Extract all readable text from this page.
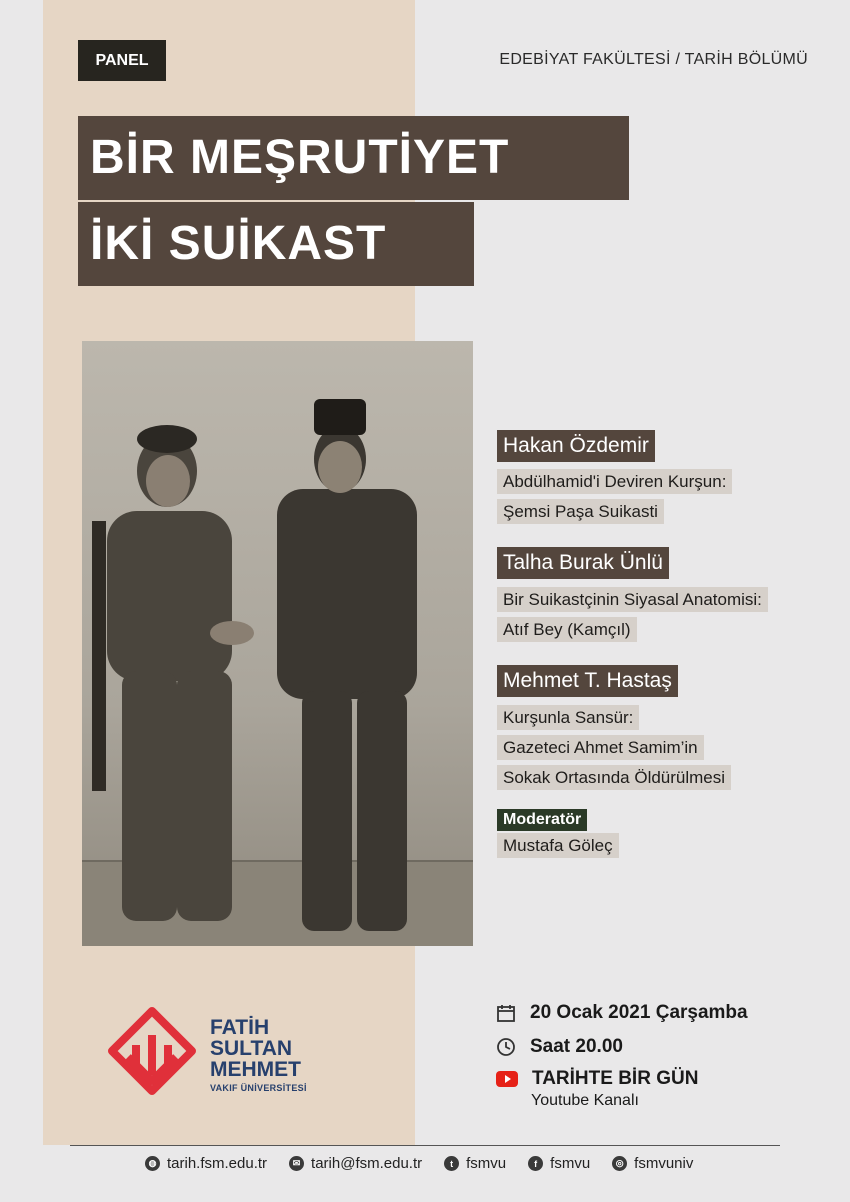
PANEL	EDEBİYAT FAKÜLTESİ / TARİH BÖLÜMÜ
BİR MEŞRUTİYET
İKİ SUİKAST
Hakan Özdemir
Abdülhamid'i Deviren Kurşun:
Şemsi Paşa Suikasti
Talha Burak Ünlü
Bir Suikastçinin Siyasal Anatomisi:
Atıf Bey (Kamçıl)
Mehmet T. Hastaş
Kurşunla Sansür:
Gazeteci Ahmet Samim’in
Sokak Ortasında Öldürülmesi
Moderatör
Mustafa Göleç
FATİH
SULTAN
MEHMET
VAKIF ÜNİVERSİTESİ
20 Ocak 2021 Çarşamba
Saat 20.00
TARİHTE BİR GÜN
Youtube Kanalı
◍ tarih.fsm.edu.tr	✉ tarih@fsm.edu.tr	t fsmvu	f fsmvu	◎ fsmvuniv
